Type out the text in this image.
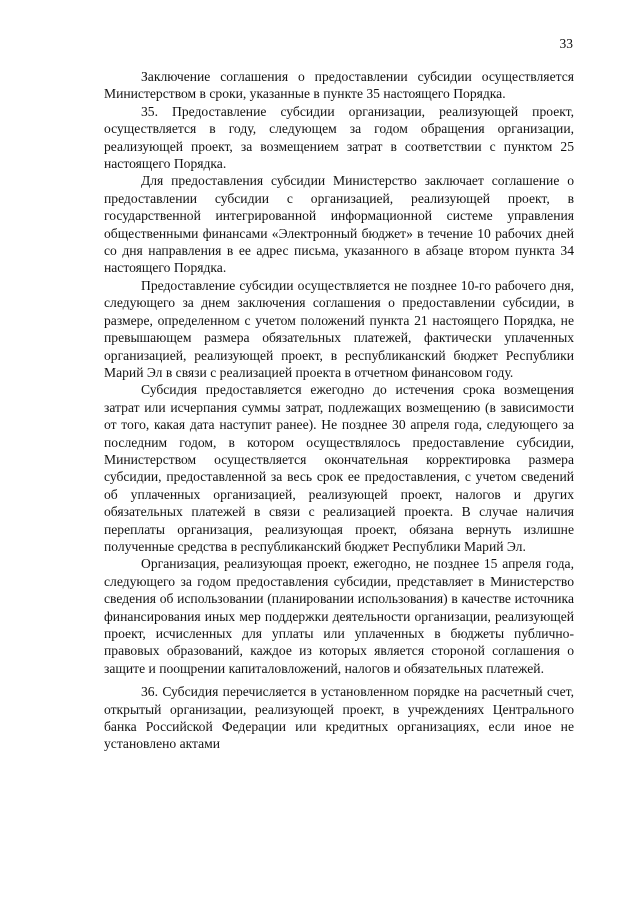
33

Заключение соглашения о предоставлении субсидии осуществляется Министерством в сроки, указанные в пункте 35 настоящего Порядка.

35. Предоставление субсидии организации, реализующей проект, осуществляется в году, следующем за годом обращения организации, реализующей проект, за возмещением затрат в соответствии с пунктом 25 настоящего Порядка.

Для предоставления субсидии Министерство заключает соглашение о предоставлении субсидии с организацией, реализующей проект, в государственной интегрированной информационной системе управления общественными финансами «Электронный бюджет» в течение 10 рабочих дней со дня направления в ее адрес письма, указанного в абзаце втором пункта 34 настоящего Порядка.

Предоставление субсидии осуществляется не позднее 10-го рабочего дня, следующего за днем заключения соглашения о предоставлении субсидии, в размере, определенном с учетом положений пункта 21 настоящего Порядка, не превышающем размера обязательных платежей, фактически уплаченных организацией, реализующей проект, в республиканский бюджет Республики Марий Эл в связи с реализацией проекта в отчетном финансовом году.

Субсидия предоставляется ежегодно до истечения срока возмещения затрат или исчерпания суммы затрат, подлежащих возмещению (в зависимости от того, какая дата наступит ранее). Не позднее 30 апреля года, следующего за последним годом, в котором осуществлялось предоставление субсидии, Министерством осуществляется окончательная корректировка размера субсидии, предоставленной за весь срок ее предоставления, с учетом сведений об уплаченных организацией, реализующей проект, налогов и других обязательных платежей в связи с реализацией проекта. В случае наличия переплаты организация, реализующая проект, обязана вернуть излишне полученные средства в республиканский бюджет Республики Марий Эл.

Организация, реализующая проект, ежегодно, не позднее 15 апреля года, следующего за годом предоставления субсидии, представляет в Министерство сведения об использовании (планировании использования) в качестве источника финансирования иных мер поддержки деятельности организации, реализующей проект, исчисленных для уплаты или уплаченных в бюджеты публично-правовых образований, каждое из которых является стороной соглашения о защите и поощрении капиталовложений, налогов и обязательных платежей.

36. Субсидия перечисляется в установленном порядке на расчетный счет, открытый организации, реализующей проект, в учреждениях Центрального банка Российской Федерации или кредитных организациях, если иное не установлено актами
